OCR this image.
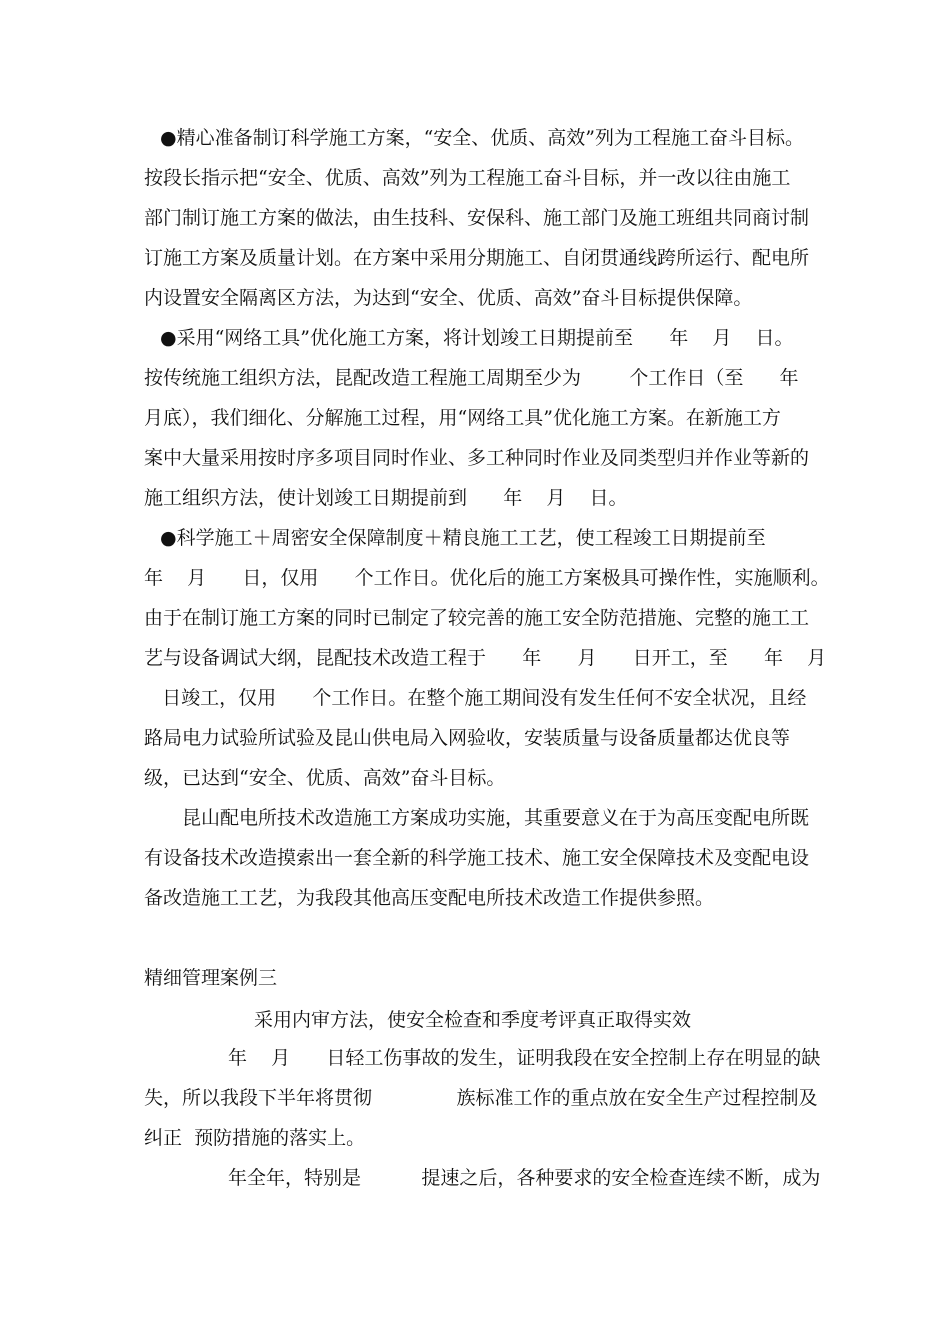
●精心准备制订科学施工方案，“安全、优质、高效”列为工程施工奋斗目标。
按段长指示把“安全、优质、高效”列为工程施工奋斗目标，并一改以往由施工
部门制订施工方案的做法，由生技科、安保科、施工部门及施工班组共同商讨制
订施工方案及质量计划。在方案中采用分期施工、自闭贯通线跨所运行、配电所
内设置安全隔离区方法，为达到“安全、优质、高效”奋斗目标提供保障。
●采用“网络工具”优化施工方案，将计划竣工日期提前至      年    月    日。
按传统施工组织方法，昆配改造工程施工周期至少为        个工作日（至      年
月底），我们细化、分解施工过程，用“网络工具”优化施工方案。在新施工方
案中大量采用按时序多项目同时作业、多工种同时作业及同类型归并作业等新的
施工组织方法，使计划竣工日期提前到      年    月    日。
●科学施工＋周密安全保障制度＋精良施工工艺，使工程竣工日期提前至
年    月      日，仅用      个工作日。优化后的施工方案极具可操作性，实施顺利。
由于在制订施工方案的同时已制定了较完善的施工安全防范措施、完整的施工工
艺与设备调试大纲，昆配技术改造工程于      年      月      日开工，至      年    月
日竣工，仅用      个工作日。在整个施工期间没有发生任何不安全状况，且经
路局电力试验所试验及昆山供电局入网验收，安装质量与设备质量都达优良等
级，已达到“安全、优质、高效”奋斗目标。
昆山配电所技术改造施工方案成功实施，其重要意义在于为高压变配电所既
有设备技术改造摸索出一套全新的科学施工技术、施工安全保障技术及变配电设
备改造施工工艺，为我段其他高压变配电所技术改造工作提供参照。
精细管理案例三
采用内审方法，使安全检查和季度考评真正取得实效
年    月      日轻工伤事故的发生，证明我段在安全控制上存在明显的缺
失，所以我段下半年将贯彻              族标准工作的重点放在安全生产过程控制及
纠正  预防措施的落实上。
年全年，特别是          提速之后，各种要求的安全检查连续不断，成为
